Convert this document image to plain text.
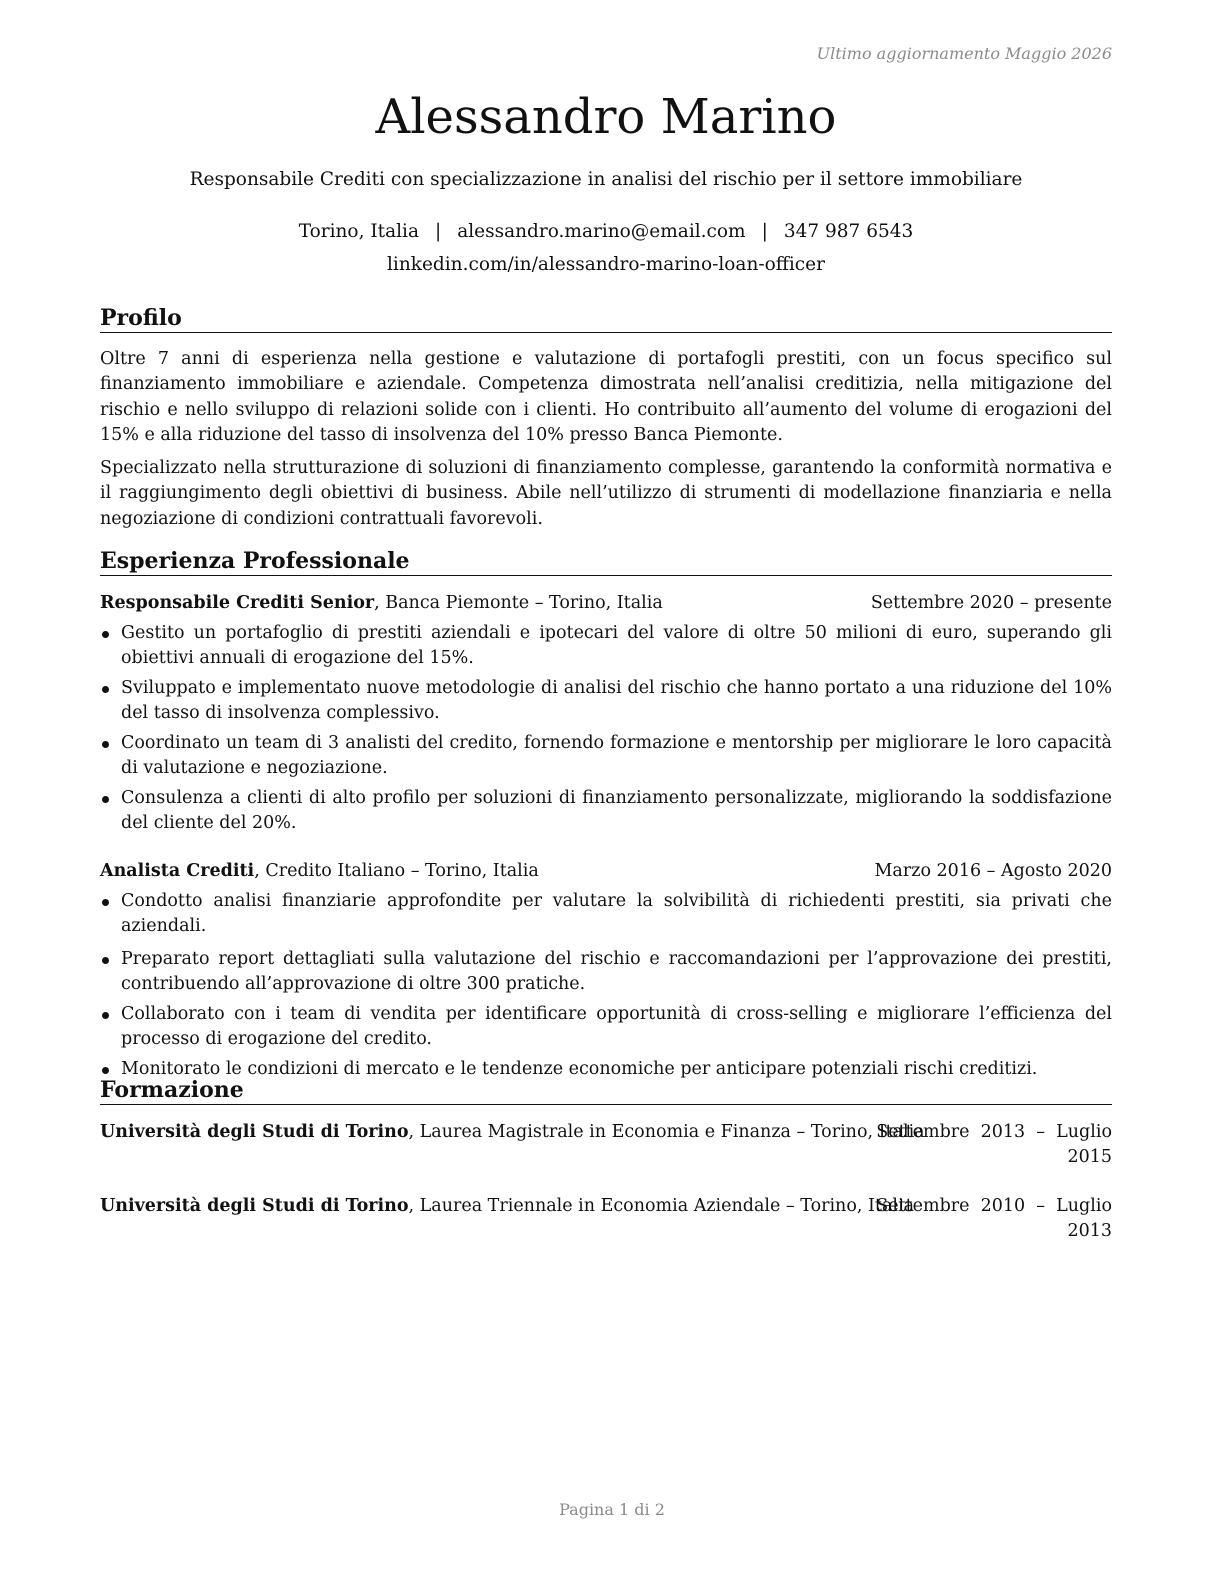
Ultimo aggiornamento Maggio 2026
Alessandro Marino
Responsabile Crediti con specializzazione in analisi del rischio per il settore immobiliare
Torino, Italia | alessandro.marino@email.com | 347 987 6543
linkedin.com/in/alessandro-marino-loan-officer
Profilo
Oltre 7 anni di esperienza nella gestione e valutazione di portafogli prestiti, con un focus specifico sul finanziamento immobiliare e aziendale. Competenza dimostrata nell’analisi creditizia, nella mitigazione del rischio e nello sviluppo di relazioni solide con i clienti. Ho contribuito all’aumento del volume di erogazioni del 15% e alla riduzione del tasso di insolvenza del 10% presso Banca Piemonte.
Specializzato nella strutturazione di soluzioni di finanziamento complesse, garantendo la conformità normativa e il raggiungimento degli obiettivi di business. Abile nell’utilizzo di strumenti di modellazione finanziaria e nella negoziazione di condizioni contrattuali favorevoli.
Esperienza Professionale
Responsabile Crediti Senior, Banca Piemonte – Torino, Italia	Settembre 2020 – presente
Gestito un portafoglio di prestiti aziendali e ipotecari del valore di oltre 50 milioni di euro, superando gli obiettivi annuali di erogazione del 15%.
Sviluppato e implementato nuove metodologie di analisi del rischio che hanno portato a una riduzione del 10% del tasso di insolvenza complessivo.
Coordinato un team di 3 analisti del credito, fornendo formazione e mentorship per migliorare le loro capacità di valutazione e negoziazione.
Consulenza a clienti di alto profilo per soluzioni di finanziamento personalizzate, migliorando la soddisfazione del cliente del 20%.
Analista Crediti, Credito Italiano – Torino, Italia	Marzo 2016 – Agosto 2020
Condotto analisi finanziarie approfondite per valutare la solvibilità di richiedenti prestiti, sia privati che aziendali.
Preparato report dettagliati sulla valutazione del rischio e raccomandazioni per l’approvazione dei prestiti, contribuendo all’approvazione di oltre 300 pratiche.
Collaborato con i team di vendita per identificare opportunità di cross-selling e migliorare l’efficienza del processo di erogazione del credito.
Monitorato le condizioni di mercato e le tendenze economiche per anticipare potenziali rischi creditizi.
Formazione
Università degli Studi di Torino, Laurea Magistrale in Economia e Finanza – Torino, Italia
Settembre  2013  –  Luglio
2015
Università degli Studi di Torino, Laurea Triennale in Economia Aziendale – Torino, Italia
Settembre  2010  –  Luglio
2013
Pagina 1 di 2
